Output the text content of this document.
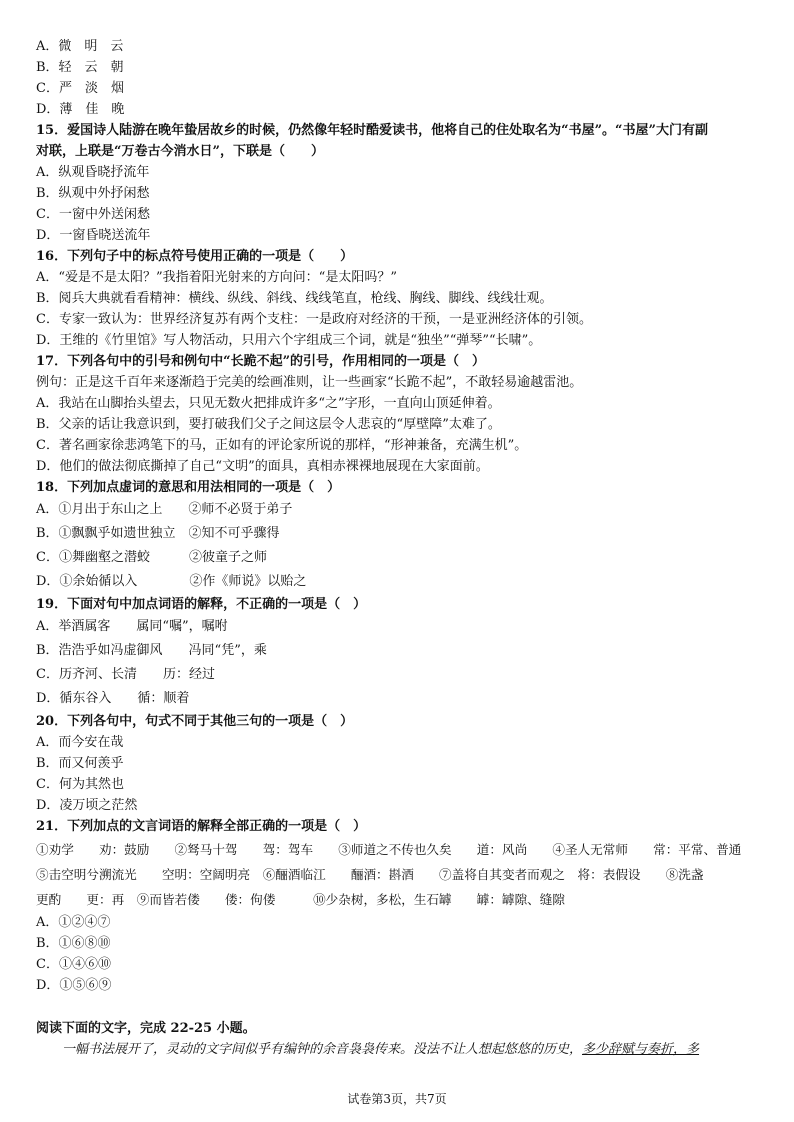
A．微　明　云
B．轻　云　朝
C．严　淡　烟
D．薄　佳　晚
15．爱国诗人陆游在晚年蛰居故乡的时候，仍然像年轻时酷爱读书，他将自己的住处取名为“书屋”。“书屋”大门有副
对联，上联是“万卷古今消水日”，下联是（　　）
A．纵观昏晓抒流年
B．纵观中外抒闲愁
C．一窗中外送闲愁
D．一窗昏晓送流年
16．下列句子中的标点符号使用正确的一项是（　　）
A．“爱是不是太阳？”我指着阳光射来的方向问：“是太阳吗？”
B．阅兵大典就看看精神：横线、纵线、斜线、线线笔直，枪线、胸线、脚线、线线壮观。
C．专家一致认为：世界经济复苏有两个支柱：一是政府对经济的干预，一是亚洲经济体的引领。
D．王维的《竹里馆》写人物活动，只用六个字组成三个词，就是“独坐”“弹琴”“长啸”。
17．下列各句中的引号和例句中“长跪不起”的引号，作用相同的一项是（　）
例句：正是这千百年来逐渐趋于完美的绘画准则，让一些画家“长跪不起”，不敢轻易逾越雷池。
A．我站在山脚抬头望去，只见无数火把排成许多“之”字形，一直向山顶延伸着。
B．父亲的话让我意识到，要打破我们父子之间这层令人悲哀的“厚壁障”太难了。
C．著名画家徐悲鸿笔下的马，正如有的评论家所说的那样，“形神兼备，充满生机”。
D．他们的做法彻底撕掉了自己“文明”的面具，真相赤裸裸地展现在大家面前。
18．下列加点虚词的意思和用法相同的一项是（　）
A．①月出于东山之上　　②师不必贤于弟子
B．①飘飘乎如遗世独立　②知不可乎骤得
C．①舞幽壑之潜蛟　　　②彼童子之师
D．①余始循以入　　　　②作《师说》以贻之
19．下面对句中加点词语的解释，不正确的一项是（　）
A．举酒属客　　属同“嘱”，嘱咐
B．浩浩乎如冯虚御风　　冯同“凭”，乘
C．历齐河、长清　　历：经过
D．循东谷入　　循：顺着
20．下列各句中，句式不同于其他三句的一项是（　）
A．而今安在哉
B．而又何羡乎
C．何为其然也
D．凌万顷之茫然
21．下列加点的文言词语的解释全部正确的一项是（　）
①劝学　　劝：鼓励　　②驽马十驾　　驾：驾车　　③师道之不传也久矣　　道：风尚　　④圣人无常师　　常：平常、普通
⑤击空明兮溯流光　　空明：空阔明亮　⑥酾酒临江　　酾酒：斟酒　　⑦盖将自其变者而观之　将：表假设　　⑧洗盏
更酌　　更：再　⑨而皆若偻　　偻：佝偻　　　⑩少杂树，多松，生石罅　　罅：罅隙、缝隙
A．①②④⑦
B．①⑥⑧⑩
C．①④⑥⑩
D．①⑤⑥⑨
阅读下面的文字，完成 22-25 小题。
一幅书法展开了，灵动的文字间似乎有编钟的余音袅袅传来。没法不让人想起悠悠的历史，多少辞赋与奏折，多
试卷第3页，共7页
